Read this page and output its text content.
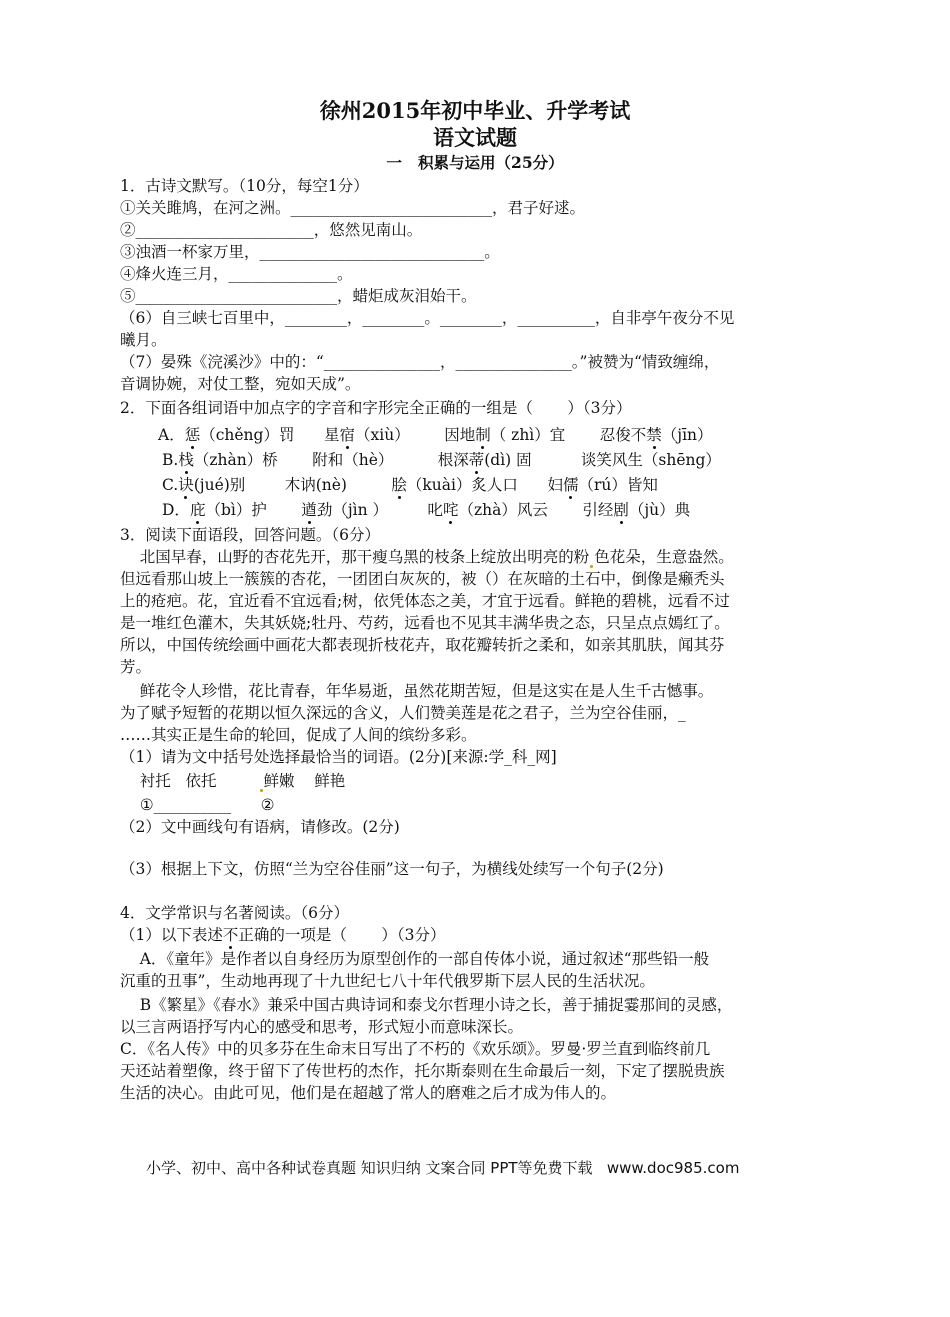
徐州2015年初中毕业、升学考试
语文试题
一   积累与运用（25分）
1．古诗文默写。（10分，每空1分）
①关关雎鸠，在河之洲。__________________________，君子好逑。
②_______________________，悠然见南山。
③浊酒一杯家万里，_____________________________。
④烽火连三月，______________。
⑤__________________________，蜡炬成灰泪始干。
（6）自三峡七百里中，________，________。________，__________，自非亭午夜分不见
曦月。
（7）晏殊《浣溪沙》中的：“_______________，_______________。”被赞为“情致缠绵，
音调协婉，对仗工整，宛如天成”。
2．下面各组词语中加点字的字音和字形完全正确的一组是（       ）（3分）
A．惩（chěng）罚      星宿（xiù）       因地制（ zhì）宜       忍俊不禁（jīn）
B.栈（zhàn）桥       附和（hè）         根深蒂(dì) 固          谈笑风生（shēng）
C.诀(jué)别        木讷(nè)         脍（kuài）炙人口      妇儒（rú）皆知
D．庇（bì）护       遒劲（jìn ）        叱咤（zhà）风云       引经剧（jù）典
3．阅读下面语段，回答问题。（6分）
北国早春，山野的杏花先开，那干瘦乌黑的枝条上绽放出明亮的粉 色花朵，生意盎然。
但远看那山坡上一簇簇的杏花，一团团白灰灰的，被（）在灰暗的土石中，倒像是癞秃头
上的疮疤。花，宜近看不宜远看;树，依凭体态之美，才宜于远看。鲜艳的碧桃，远看不过
是一堆红色灌木，失其妖娆;牡丹、芍药，远看也不见其丰满华贵之态，只呈点点嫣红了。
所以，中国传统绘画中画花大都表现折枝花卉，取花瓣转折之柔和，如亲其肌肤，闻其芬
芳。
鲜花令人珍惜，花比青春，年华易逝，虽然花期苦短，但是这实在是人生千古憾事。
为了赋予短暂的花期以恒久深远的含义，人们赞美莲是花之君子，兰为空谷佳丽，_
……其实正是生命的轮回，促成了人间的缤纷多彩。
（1）请为文中括号处选择最恰当的词语。(2分)[来源:学_科_网]
衬托   依托	鲜嫩    鲜艳
①__________      ②
（2）文中画线句有语病，请修改。(2分)
（3）根据上下文，仿照“兰为空谷佳丽”这一句子，为横线处续写一个句子(2分)
4．文学常识与名著阅读。（6分）
（1）以下表述不正确的一项是（       ）（3分）
A．《童年》是作者以自身经历为原型创作的一部自传体小说，通过叙述“那些铅一般
沉重的丑事”，生动地再现了十九世纪七八十年代俄罗斯下层人民的生活状况。
B《繁星》《春水》兼采中国古典诗词和泰戈尔哲理小诗之长，善于捕捉霎那间的灵感，
以三言两语抒写内心的感受和思考，形式短小而意味深长。
C．《名人传》中的贝多芬在生命末日写出了不朽的《欢乐颂》。罗曼·罗兰直到临终前几
天还站着塑像，终于留下了传世朽的杰作，托尔斯泰则在生命最后一刻，下定了摆脱贵族
生活的决心。由此可见，他们是在超越了常人的磨难之后才成为伟人的。
小学、初中、高中各种试卷真题 知识归纳 文案合同 PPT等免费下载   www.doc985.com
